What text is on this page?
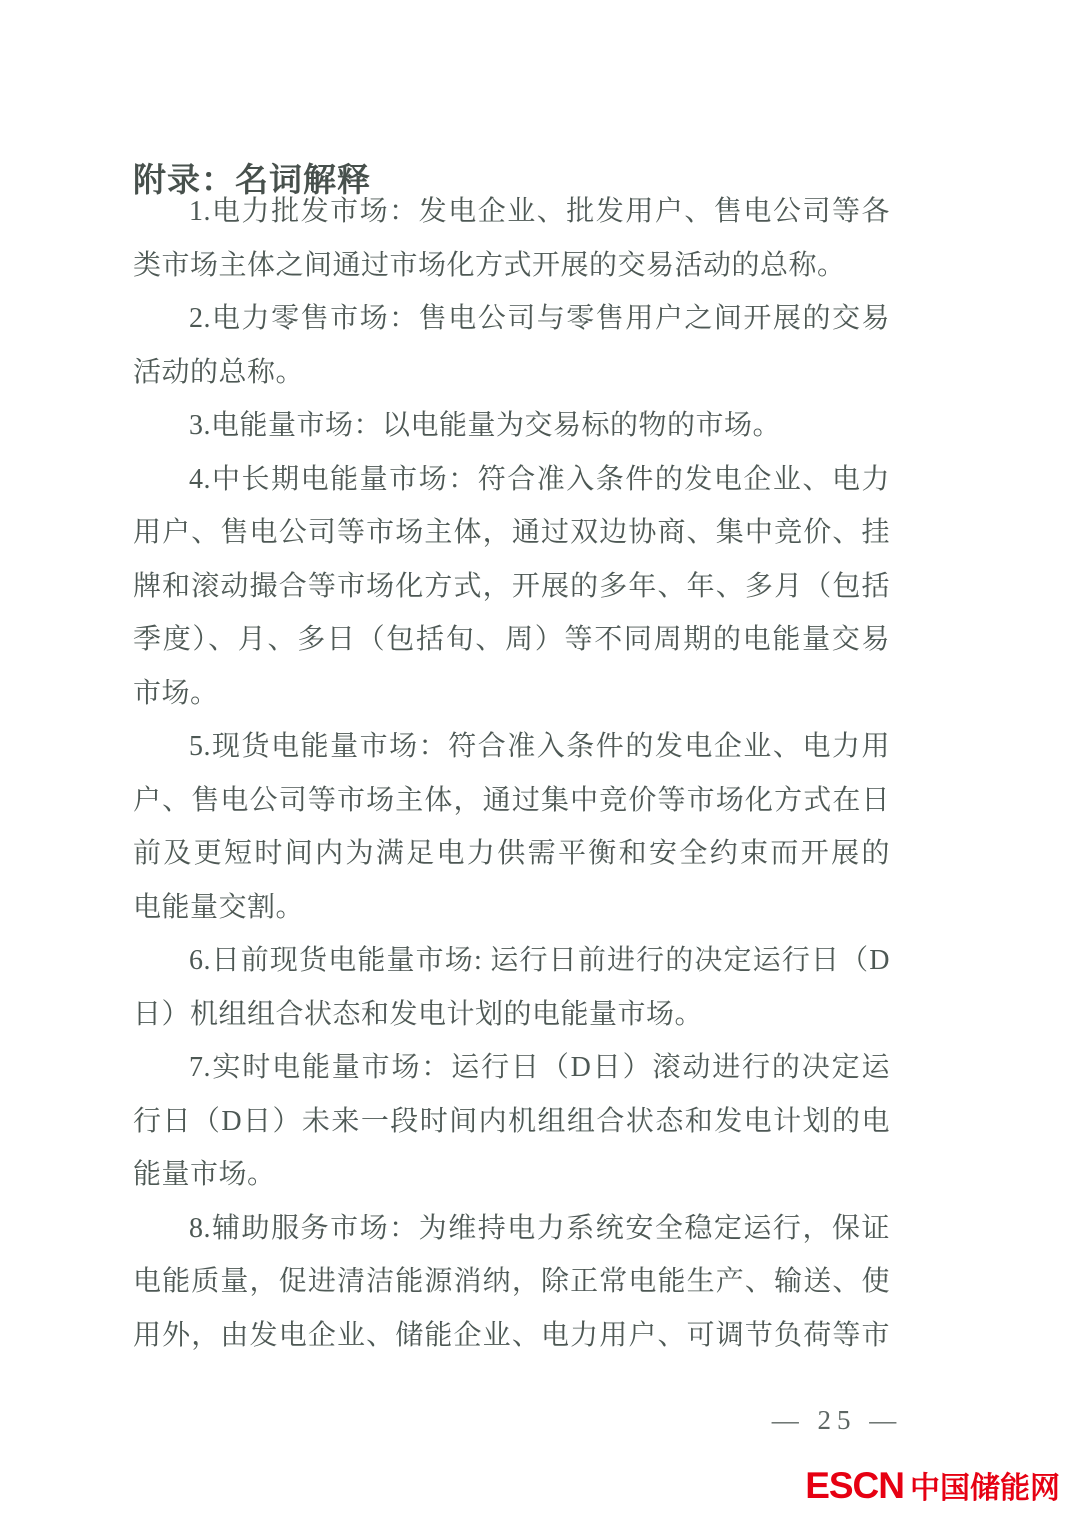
附录：名词解释
1.电力批发市场：发电企业、批发用户、售电公司等各
类市场主体之间通过市场化方式开展的交易活动的总称。
2.电力零售市场：售电公司与零售用户之间开展的交易
活动的总称。
3.电能量市场：以电能量为交易标的物的市场。
4.中长期电能量市场：符合准入条件的发电企业、电力
用户、售电公司等市场主体，通过双边协商、集中竞价、挂
牌和滚动撮合等市场化方式，开展的多年、年、多月（包括
季度）、月、多日（包括旬、周）等不同周期的电能量交易
市场。
5.现货电能量市场：符合准入条件的发电企业、电力用
户、售电公司等市场主体，通过集中竞价等市场化方式在日
前及更短时间内为满足电力供需平衡和安全约束而开展的
电能量交割。
6.日前现货电能量市场: 运行日前进行的决定运行日（D
日）机组组合状态和发电计划的电能量市场。
7.实时电能量市场：运行日（D日）滚动进行的决定运
行日（D日）未来一段时间内机组组合状态和发电计划的电
能量市场。
8.辅助服务市场：为维持电力系统安全稳定运行，保证
电能质量，促进清洁能源消纳，除正常电能生产、输送、使
用外，由发电企业、储能企业、电力用户、可调节负荷等市
— 25 —
ESCN 中国储能网
